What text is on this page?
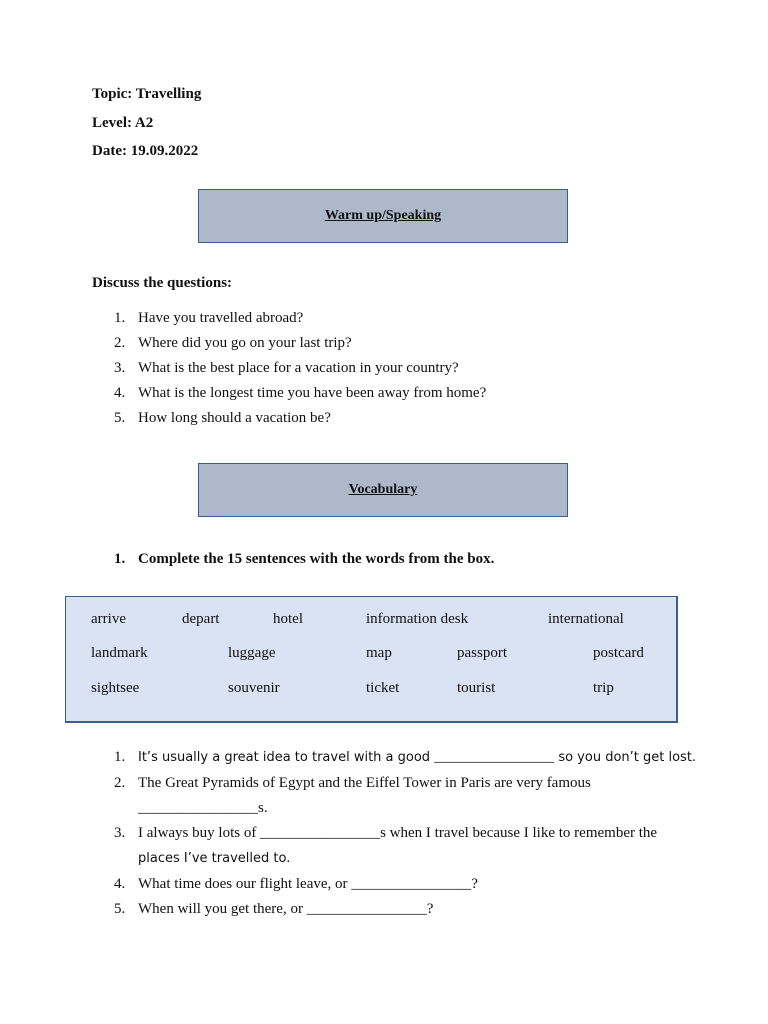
Topic: Travelling
Level: A2
Date: 19.09.2022
Warm up/Speaking
Discuss the questions:
1. Have you travelled abroad?
2. Where did you go on your last trip?
3. What is the best place for a vacation in your country?
4. What is the longest time you have been away from home?
5. How long should a vacation be?
Vocabulary
1. Complete the 15 sentences with the words from the box.
arrive	depart	hotel	information desk	international
landmark	luggage	map	passport	postcard
sightsee	souvenir	ticket	tourist	trip
1. It’s usually a great idea to travel with a good ________________ so you don’t get lost.
2. The Great Pyramids of Egypt and the Eiffel Tower in Paris are very famous
________________s.
3. I always buy lots of ________________s when I travel because I like to remember the
places I’ve travelled to.
4. What time does our flight leave, or ________________?
5. When will you get there, or ________________?
